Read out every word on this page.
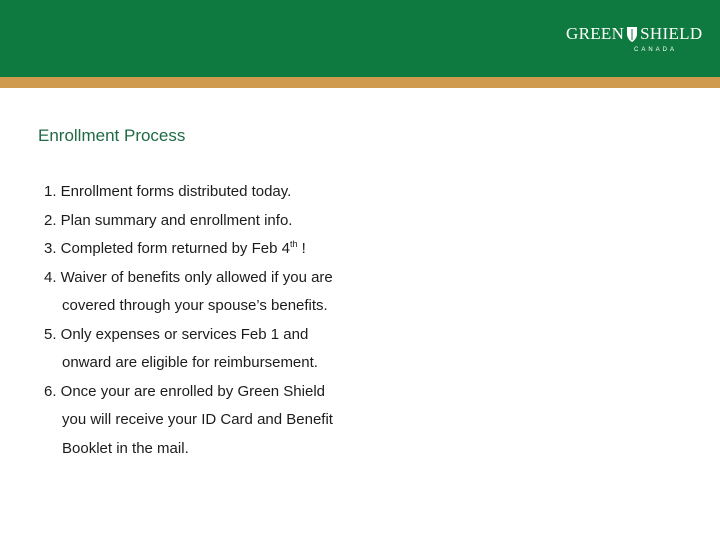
GREEN SHIELD
CANADA
Enrollment Process
1. Enrollment forms distributed today.
2. Plan summary and enrollment info.
3. Completed form returned by Feb 4th !
4. Waiver of benefits only allowed if you are
covered through your spouse’s benefits.
5. Only expenses or services Feb 1 and
onward are eligible for reimbursement.
6. Once your are enrolled by Green Shield
you will receive your ID Card and Benefit
Booklet in the mail.
